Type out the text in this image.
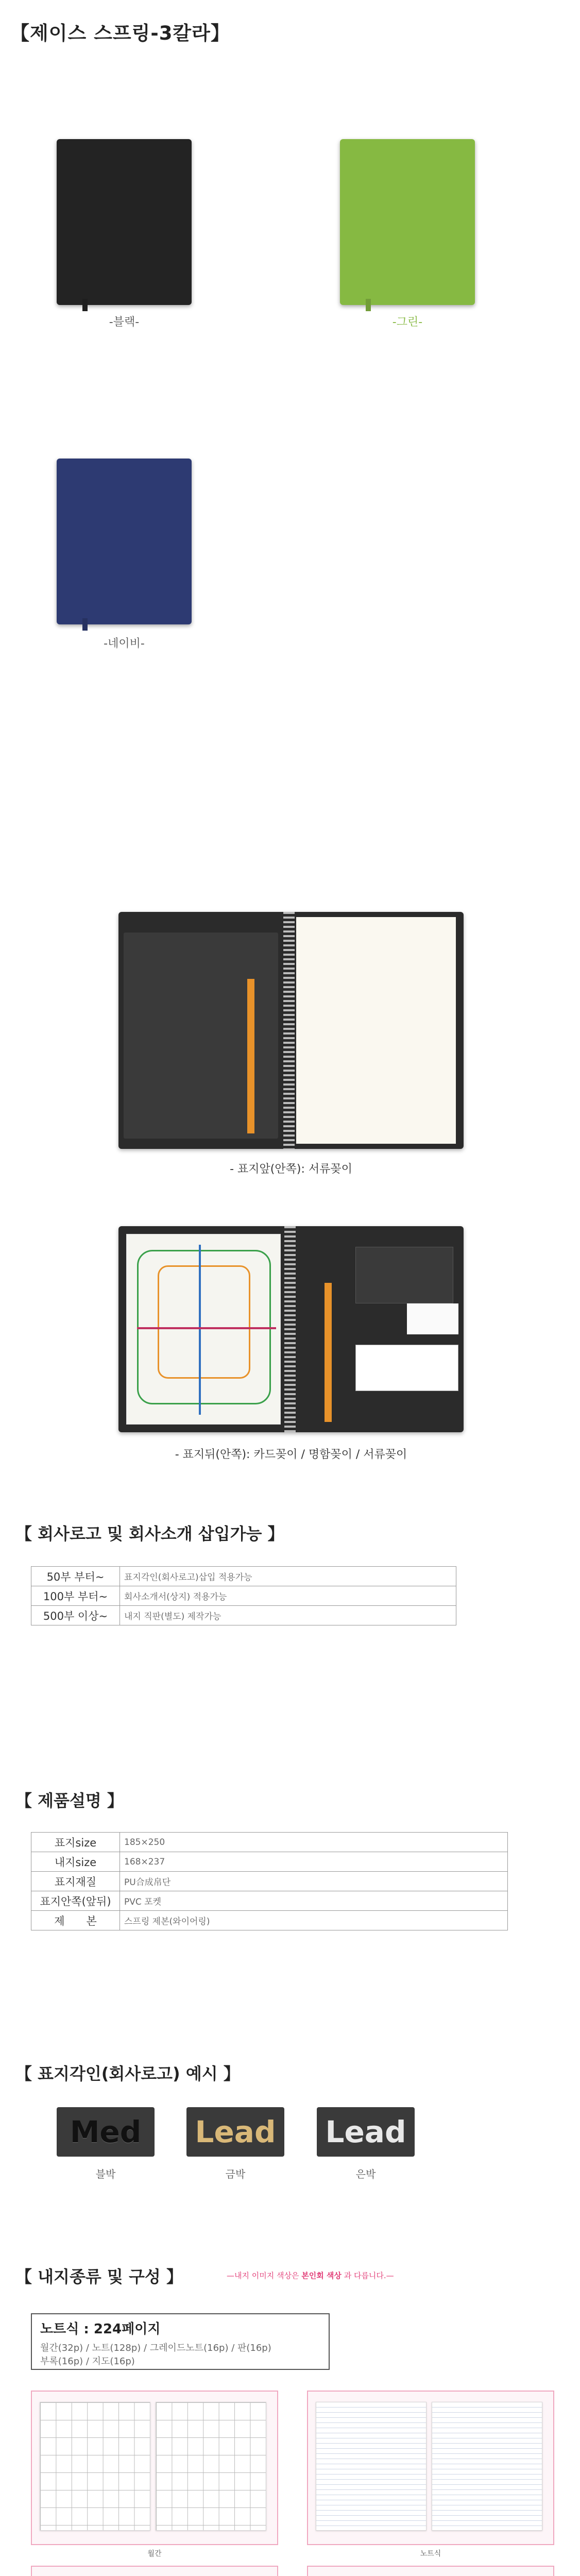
【제이스 스프링-3칼라】
-블랙-	-그린-
-네이비-
- 표지앞(안쪽): 서류꽂이
- 표지뒤(안쪽): 카드꽂이 / 명함꽂이 / 서류꽂이
【 회사로고 및 회사소개 삽입가능 】
50부 부터~	표지각인(회사로고)삽입 적용가능
100부 부터~	회사소개서(상지) 적용가능
500부 이상~	내지 직판(별도) 제작가능
【 제품설명 】
표지size	185×250
내지size	168×237
표지재질	PU合成帛단
표지안쪽(앞뒤)	PVC 포켓
제　　본	스프링 제본(와이어링)
【 표지각인(회사로고) 예시 】
Med
블박
Lead
금박
Lead
은박
【 내지종류 및 구성 】	—내지 이미지 색상은 본인회 색상 과 다릅니다.—
노트식 : 224페이지
월간(32p) / 노트(128p) / 그레이드노트(16p) / 판(16p)
부록(16p) / 지도(16p)
월간	노트식
